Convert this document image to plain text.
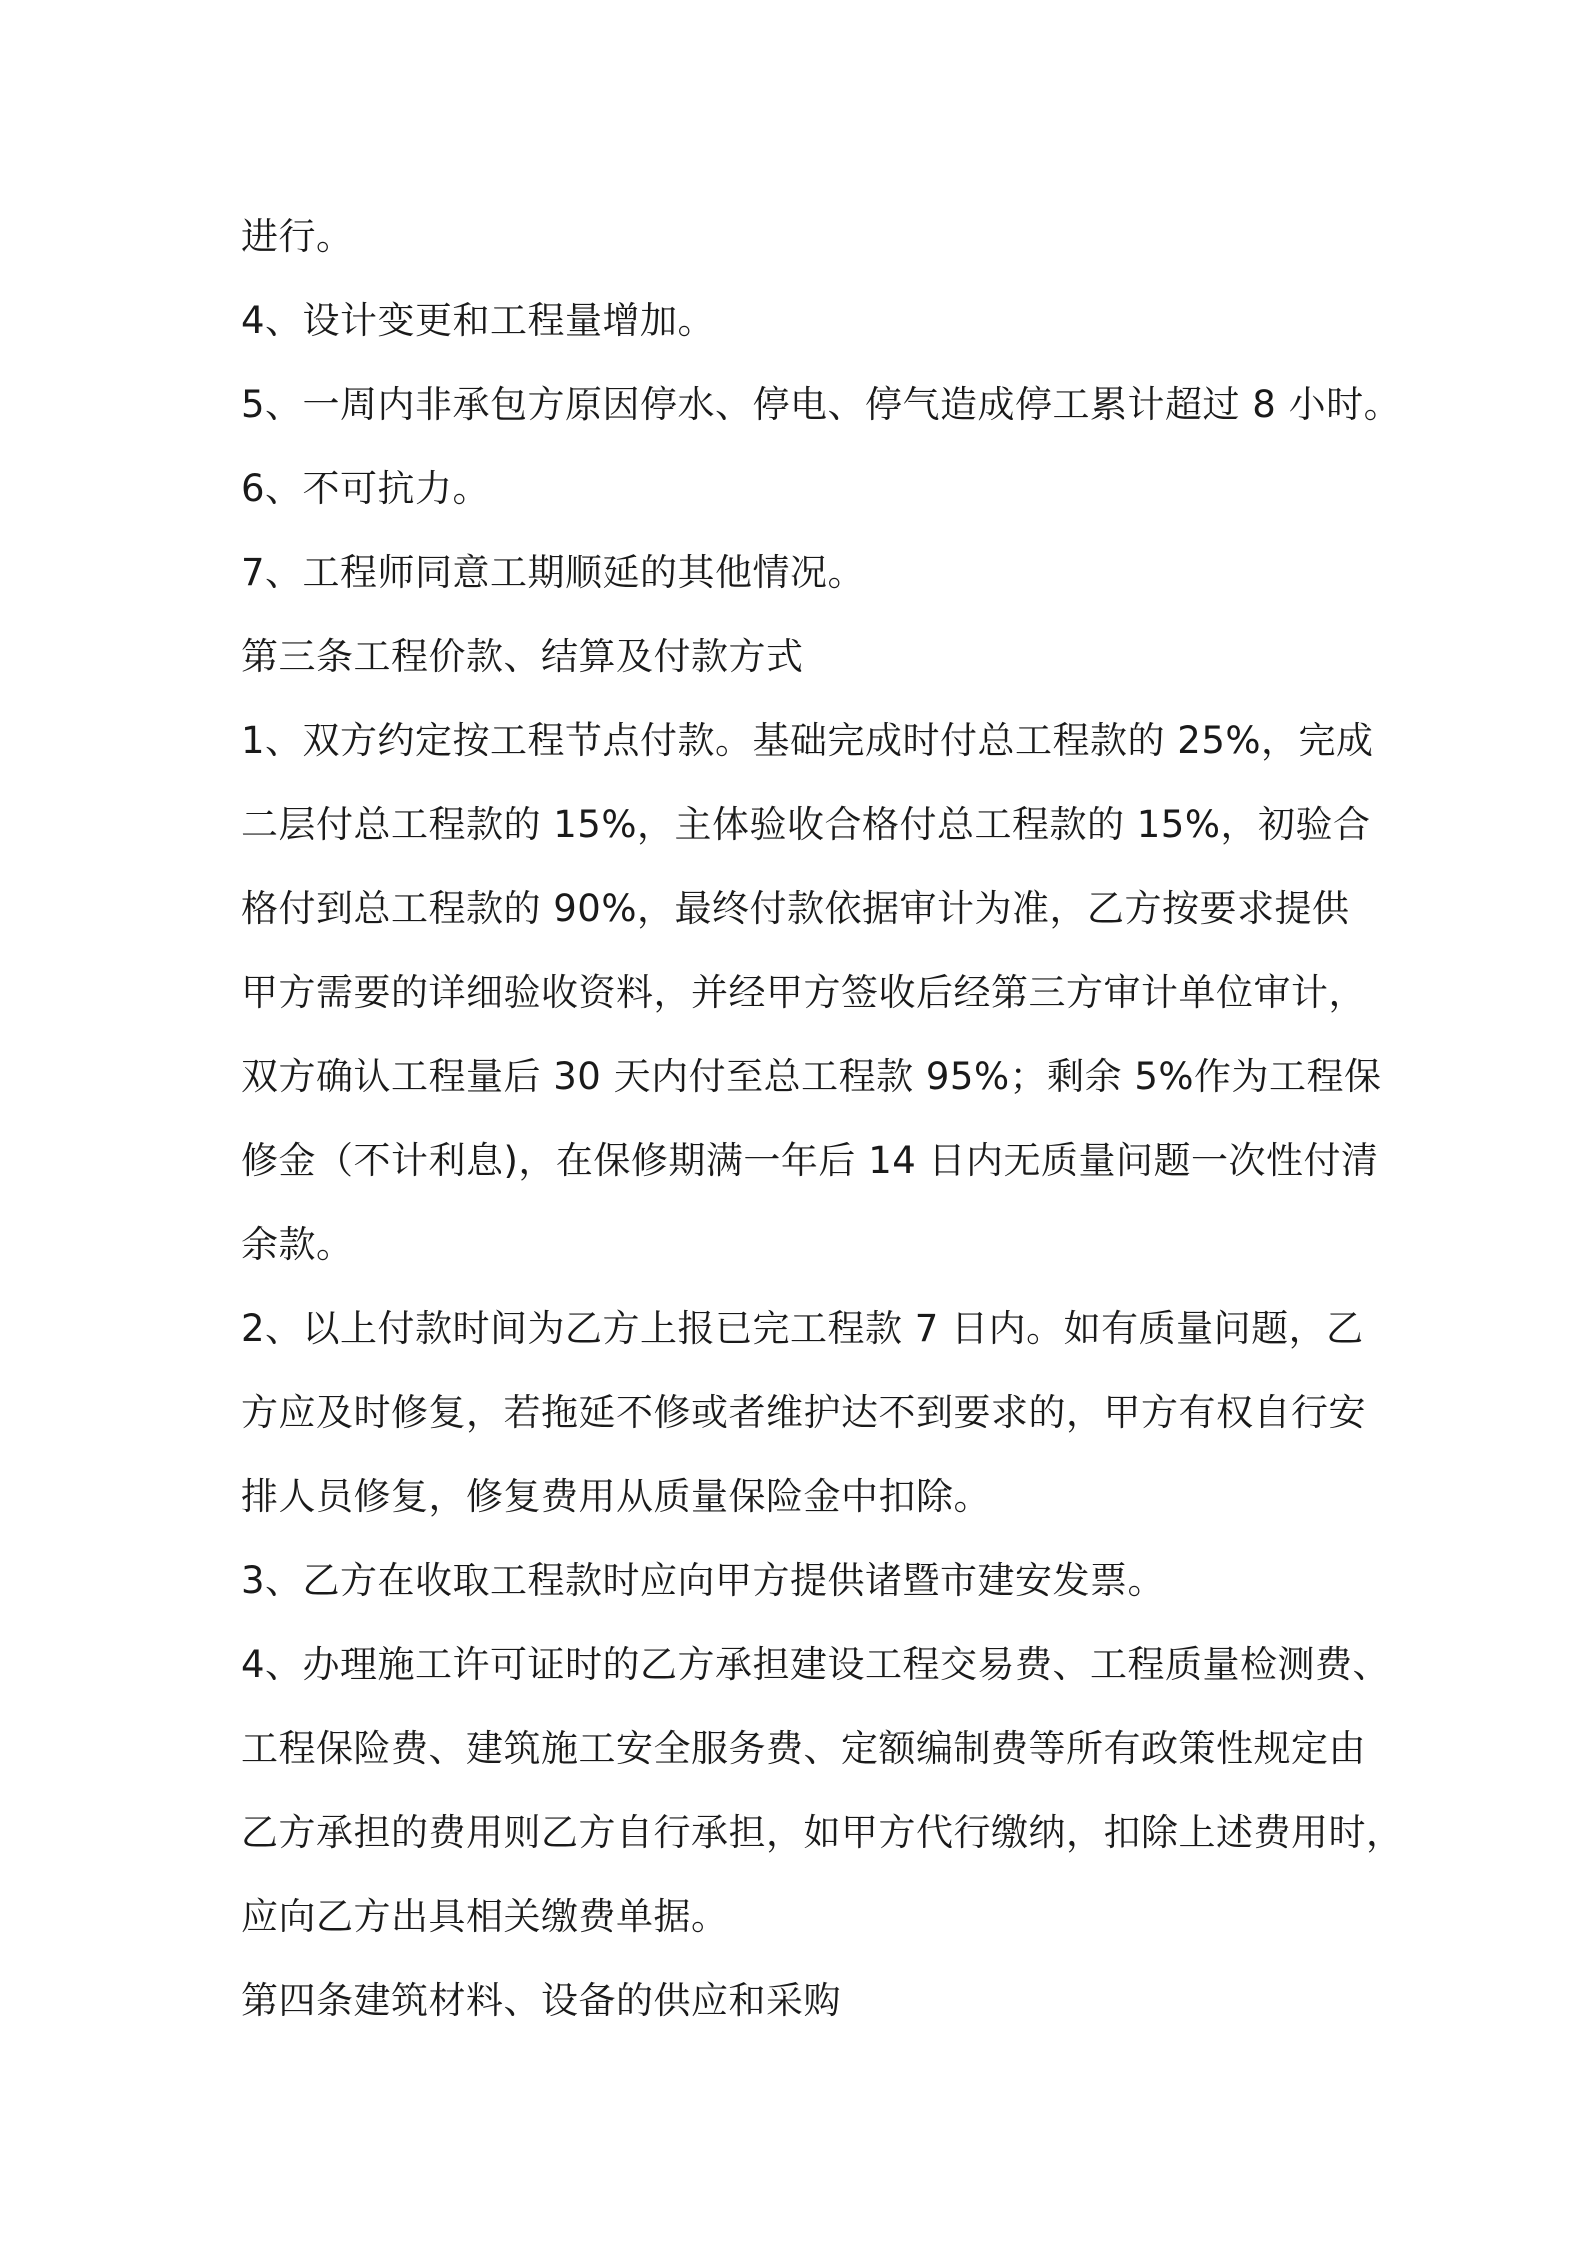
进行。
4、设计变更和工程量增加。
5、一周内非承包方原因停水、停电、停气造成停工累计超过 8 小时。
6、不可抗力。
7、工程师同意工期顺延的其他情况。
第三条工程价款、结算及付款方式
1、双方约定按工程节点付款。基础完成时付总工程款的 25%，完成
二层付总工程款的 15%，主体验收合格付总工程款的 15%，初验合
格付到总工程款的 90%，最终付款依据审计为准，乙方按要求提供
甲方需要的详细验收资料，并经甲方签收后经第三方审计单位审计，
双方确认工程量后 30 天内付至总工程款 95%；剩余 5%作为工程保
修金（不计利息)，在保修期满一年后 14 日内无质量问题一次性付清
余款。
2、以上付款时间为乙方上报已完工程款 7 日内。如有质量问题，乙
方应及时修复，若拖延不修或者维护达不到要求的，甲方有权自行安
排人员修复，修复费用从质量保险金中扣除。
3、乙方在收取工程款时应向甲方提供诸暨市建安发票。
4、办理施工许可证时的乙方承担建设工程交易费、工程质量检测费、
工程保险费、建筑施工安全服务费、定额编制费等所有政策性规定由
乙方承担的费用则乙方自行承担，如甲方代行缴纳，扣除上述费用时，
应向乙方出具相关缴费单据。
第四条建筑材料、设备的供应和采购
